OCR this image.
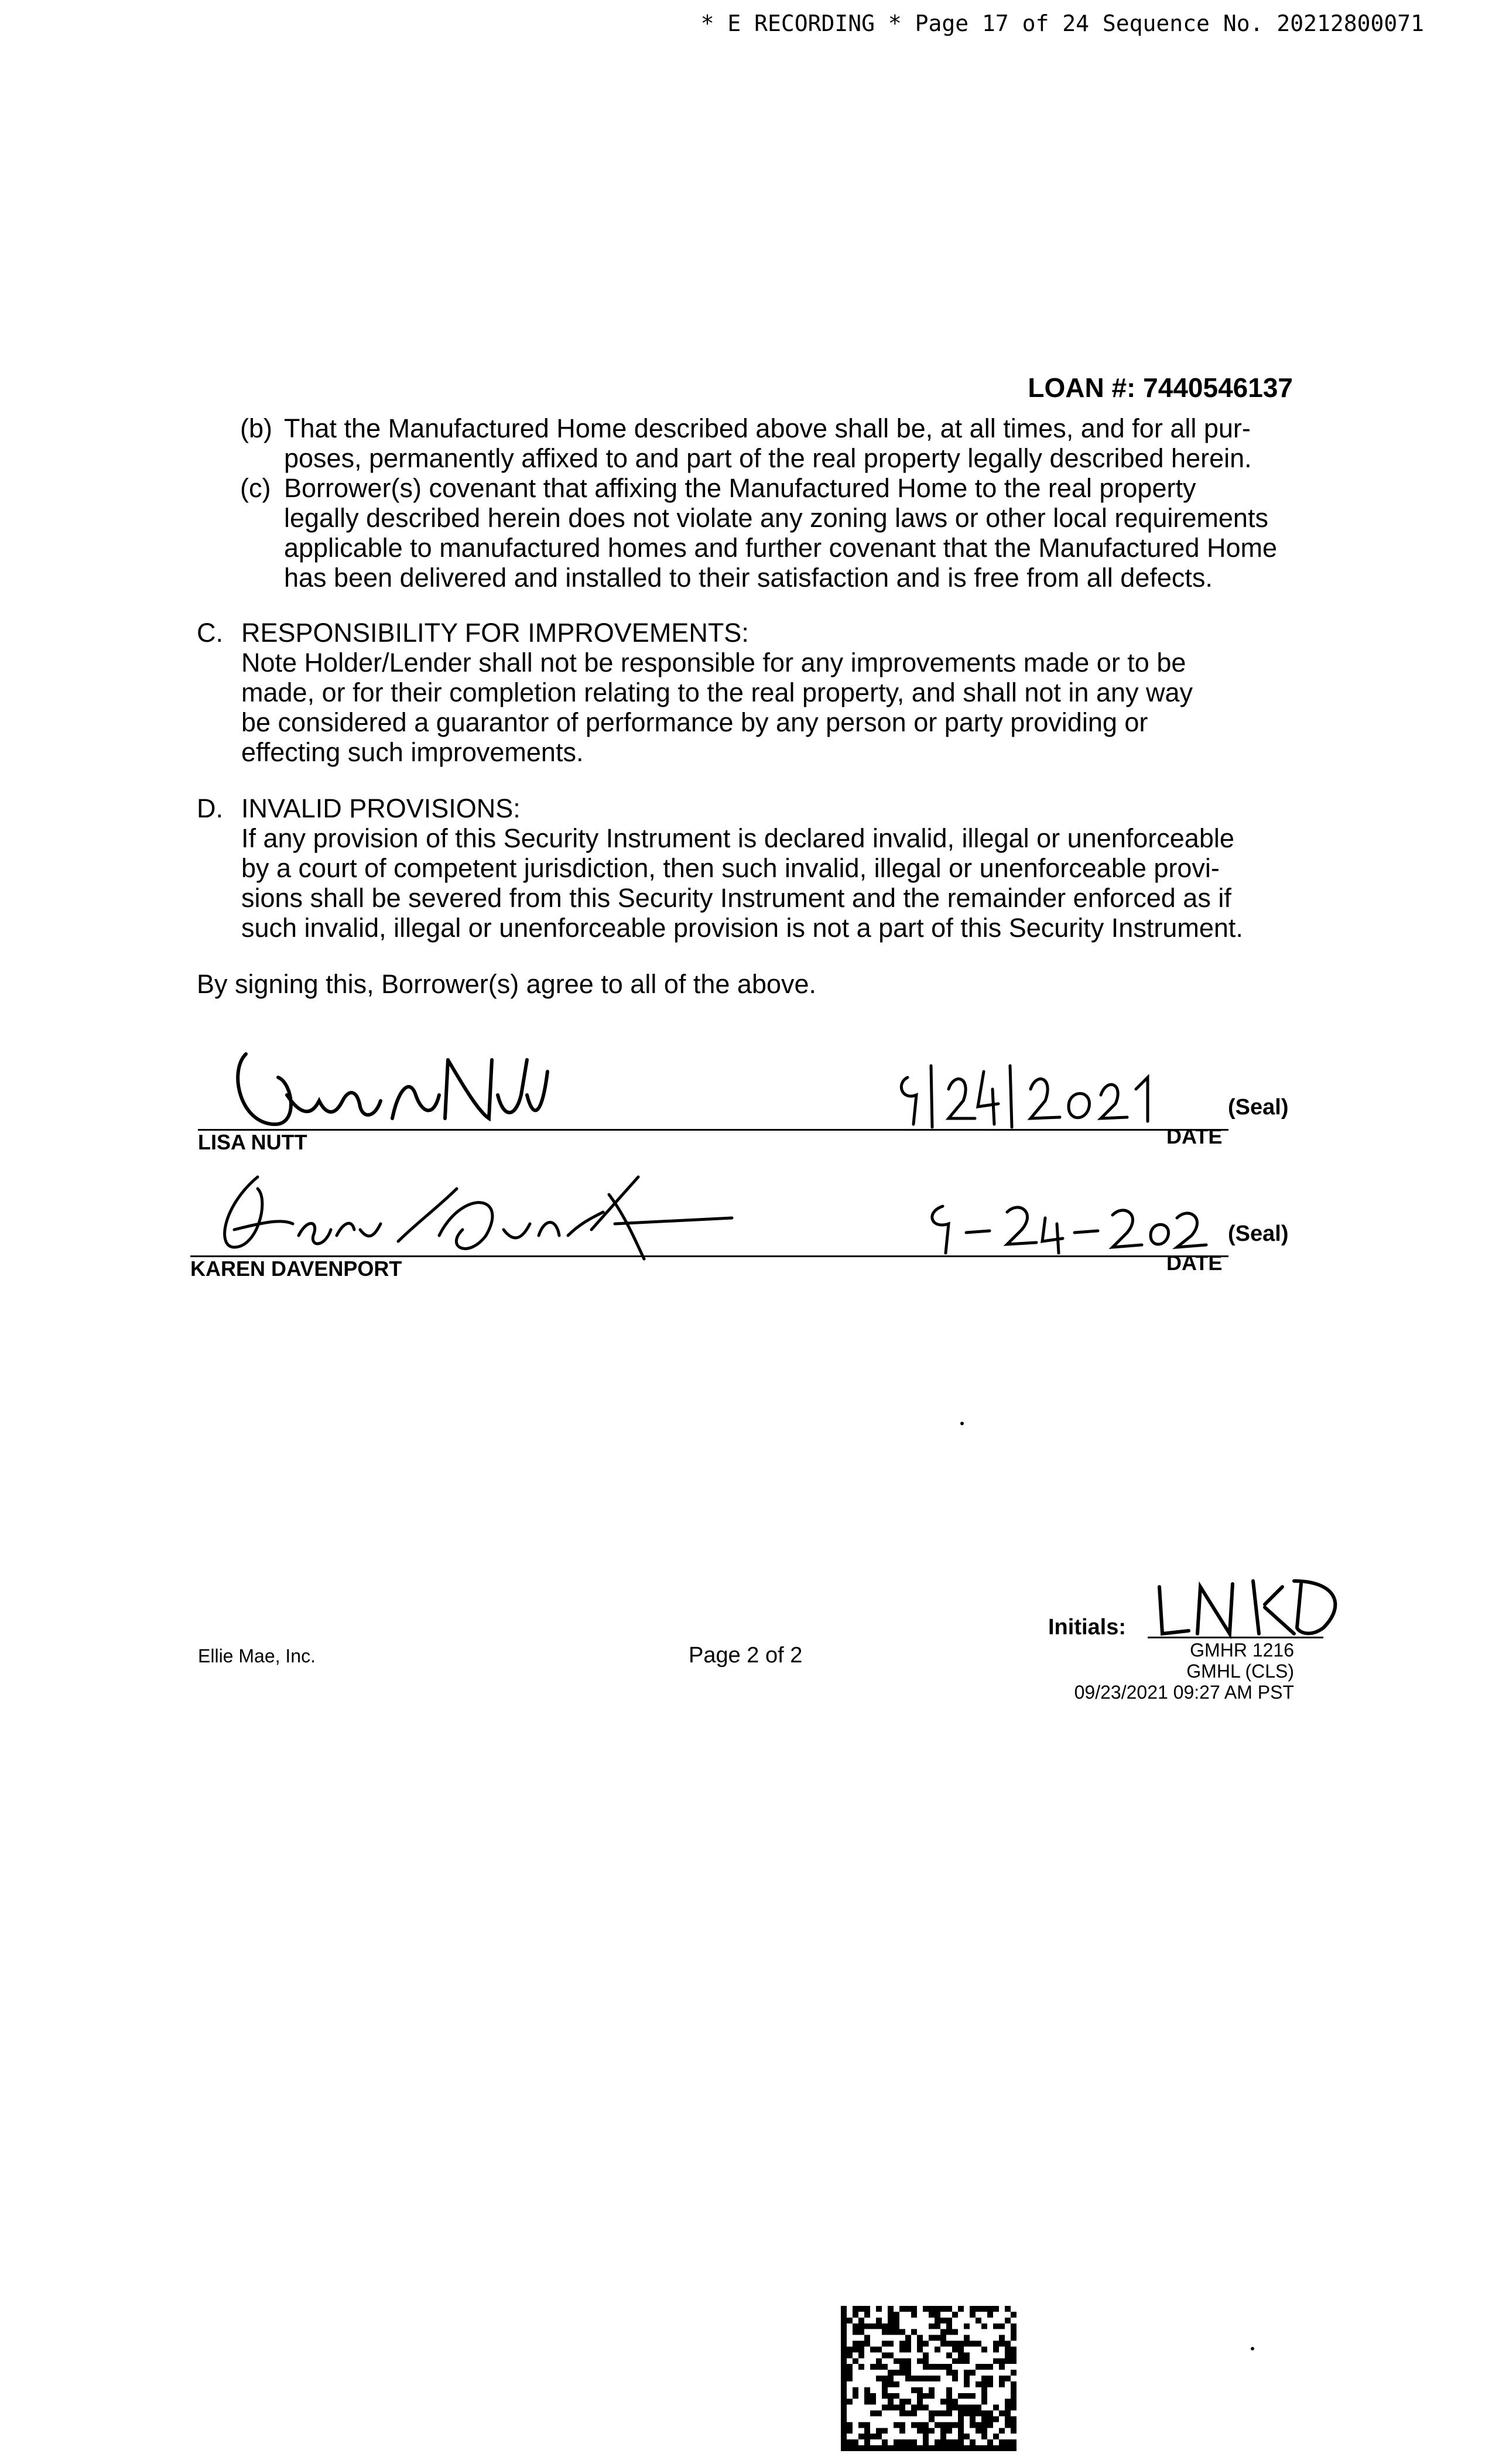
* E RECORDING * Page 17 of 24 Sequence No. 20212800071
LOAN #: 7440546137
(b) That the Manufactured Home described above shall be, at all times, and for all pur-
poses, permanently affixed to and part of the real property legally described herein.
(c) Borrower(s) covenant that affixing the Manufactured Home to the real property
legally described herein does not violate any zoning laws or other local requirements
applicable to manufactured homes and further covenant that the Manufactured Home
has been delivered and installed to their satisfaction and is free from all defects.
C. RESPONSIBILITY FOR IMPROVEMENTS:
Note Holder/Lender shall not be responsible for any improvements made or to be
made, or for their completion relating to the real property, and shall not in any way
be considered a guarantor of performance by any person or party providing or
effecting such improvements.
D. INVALID PROVISIONS:
If any provision of this Security Instrument is declared invalid, illegal or unenforceable
by a court of competent jurisdiction, then such invalid, illegal or unenforceable provi-
sions shall be severed from this Security Instrument and the remainder enforced as if
such invalid, illegal or unenforceable provision is not a part of this Security Instrument.
By signing this, Borrower(s) agree to all of the above.
LISA NUTT	DATE
(Seal)
KAREN DAVENPORT	DATE
(Seal)
Ellie Mae, Inc.	Page 2 of 2
Initials:
GMHR 1216
GMHL (CLS)
09/23/2021 09:27 AM PST
